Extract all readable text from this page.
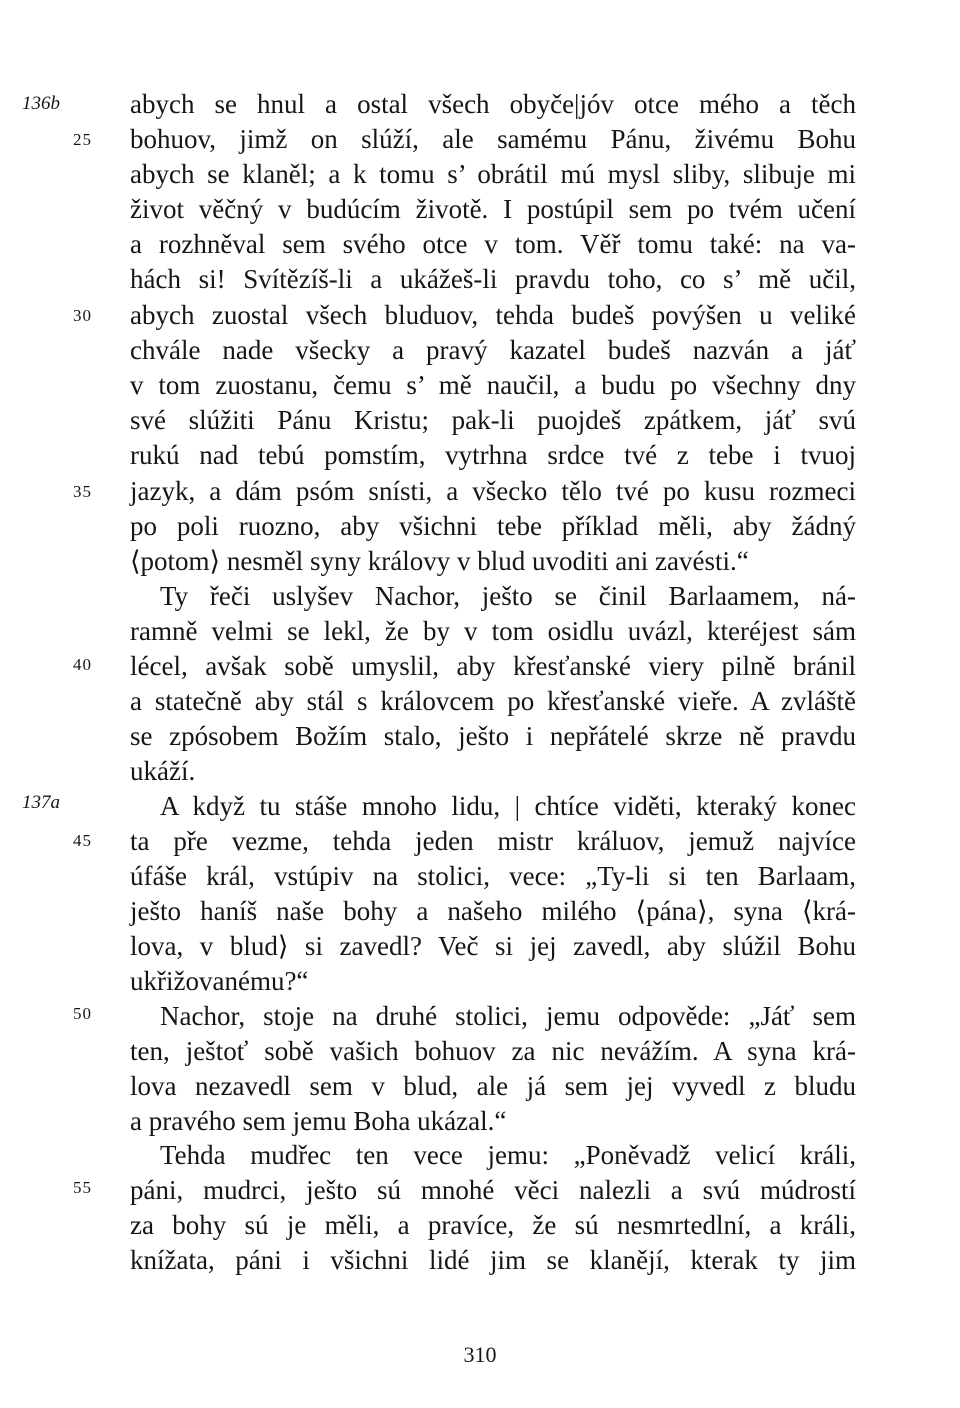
136b
137a
25
30
35
40
45
50
55
abych se hnul a ostal všech obyče|jóv otce mého a těch
bohuov, jimž on slúží, ale samému Pánu, živému Bohu
abych se klaněl; a k tomu s’ obrátil mú mysl sliby, slibuje mi
život věčný v budúcím životě. I postúpil sem po tvém učení
a rozhněval sem svého otce v tom. Věř tomu také: na va-
hách si! Svítězíš-li a ukážeš-li pravdu toho, co s’ mě učil,
abych zuostal všech bluduov, tehda budeš povýšen u veliké
chvále nade všecky a pravý kazatel budeš nazván a jáť
v tom zuostanu, čemu s’ mě naučil, a budu po všechny dny
své slúžiti Pánu Kristu; pak-li puojdeš zpátkem, jáť svú
rukú nad tebú pomstím, vytrhna srdce tvé z tebe i tvuoj
jazyk, a dám psóm snísti, a všecko tělo tvé po kusu rozmeci
po poli ruozno, aby všichni tebe příklad měli, aby žádný
⟨potom⟩ nesměl syny královy v blud uvoditi ani zavésti.“
Ty řeči uslyšev Nachor, ješto se činil Barlaamem, ná-
ramně velmi se lekl, že by v tom osidlu uvázl, kteréjest sám
lécel, avšak sobě umyslil, aby křesťanské viery pilně bránil
a statečně aby stál s královcem po křesťanské vieře. A zvláště
se zpósobem Božím stalo, ješto i nepřátelé skrze ně pravdu
ukáží.
A když tu stáše mnoho lidu, | chtíce viděti, kteraký konec
ta pře vezme, tehda jeden mistr králuov, jemuž najvíce
úfáše král, vstúpiv na stolici, vece: „Ty-li si ten Barlaam,
ješto haníš naše bohy a našeho milého ⟨pána⟩, syna ⟨krá-
lova, v blud⟩ si zavedl? Več si jej zavedl, aby slúžil Bohu
ukřižovanému?“
Nachor, stoje na druhé stolici, jemu odpověde: „Jáť sem
ten, ještoť sobě vašich bohuov za nic nevážím. A syna krá-
lova nezavedl sem v blud, ale já sem jej vyvedl z bludu
a pravého sem jemu Boha ukázal.“
Tehda mudřec ten vece jemu: „Poněvadž velicí králi,
páni, mudrci, ješto sú mnohé věci nalezli a svú múdrostí
za bohy sú je měli, a pravíce, že sú nesmrtedlní, a králi,
knížata, páni i všichni lidé jim se klanějí, kterak ty jim
310
